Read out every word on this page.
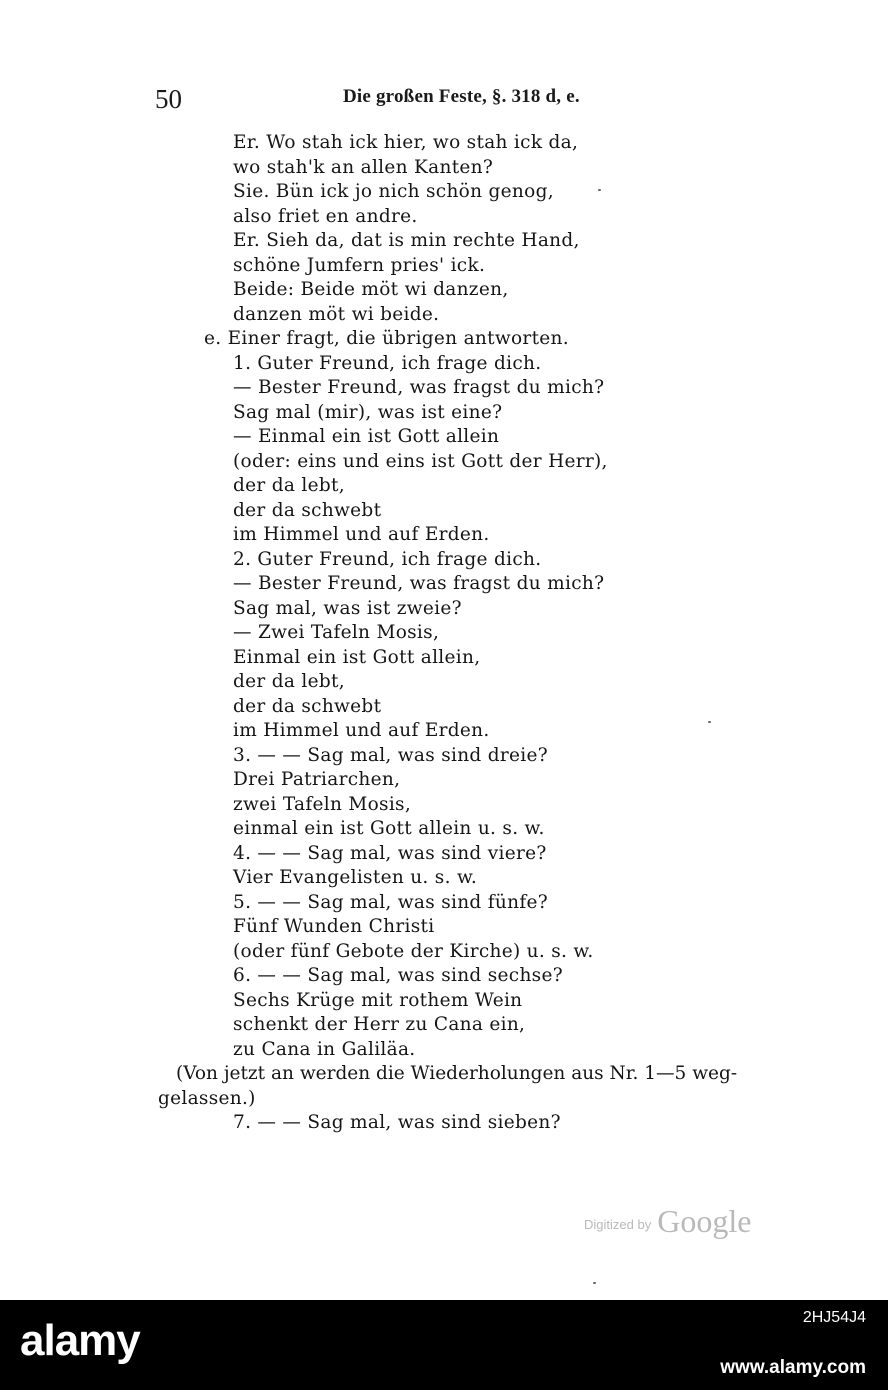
50	Die großen Feste, §. 318 d, e.
Er. Wo stah ick hier, wo stah ick da,
wo stah'k an allen Kanten?
Sie. Bün ick jo nich schön genog,
also friet en andre.
Er. Sieh da, dat is min rechte Hand,
schöne Jumfern pries' ick.
Beide: Beide möt wi danzen,
danzen möt wi beide.
e. Einer fragt, die übrigen antworten.
1. Guter Freund, ich frage dich.
— Bester Freund, was fragst du mich?
Sag mal (mir), was ist eine?
— Einmal ein ist Gott allein
(oder: eins und eins ist Gott der Herr),
der da lebt,
der da schwebt
im Himmel und auf Erden.
2. Guter Freund, ich frage dich.
— Bester Freund, was fragst du mich?
Sag mal, was ist zweie?
— Zwei Tafeln Mosis,
Einmal ein ist Gott allein,
der da lebt,
der da schwebt
im Himmel und auf Erden.
3. — — Sag mal, was sind dreie?
Drei Patriarchen,
zwei Tafeln Mosis,
einmal ein ist Gott allein u. s. w.
4. — — Sag mal, was sind viere?
Vier Evangelisten u. s. w.
5. — — Sag mal, was sind fünfe?
Fünf Wunden Christi
(oder fünf Gebote der Kirche) u. s. w.
6. — — Sag mal, was sind sechse?
Sechs Krüge mit rothem Wein
schenkt der Herr zu Cana ein,
zu Cana in Galiläa.
(Von jetzt an werden die Wiederholungen aus Nr. 1—5 weg-
gelassen.)
7. — — Sag mal, was sind sieben?
Digitized by Google
alamy	2HJ54J4
www.alamy.com
